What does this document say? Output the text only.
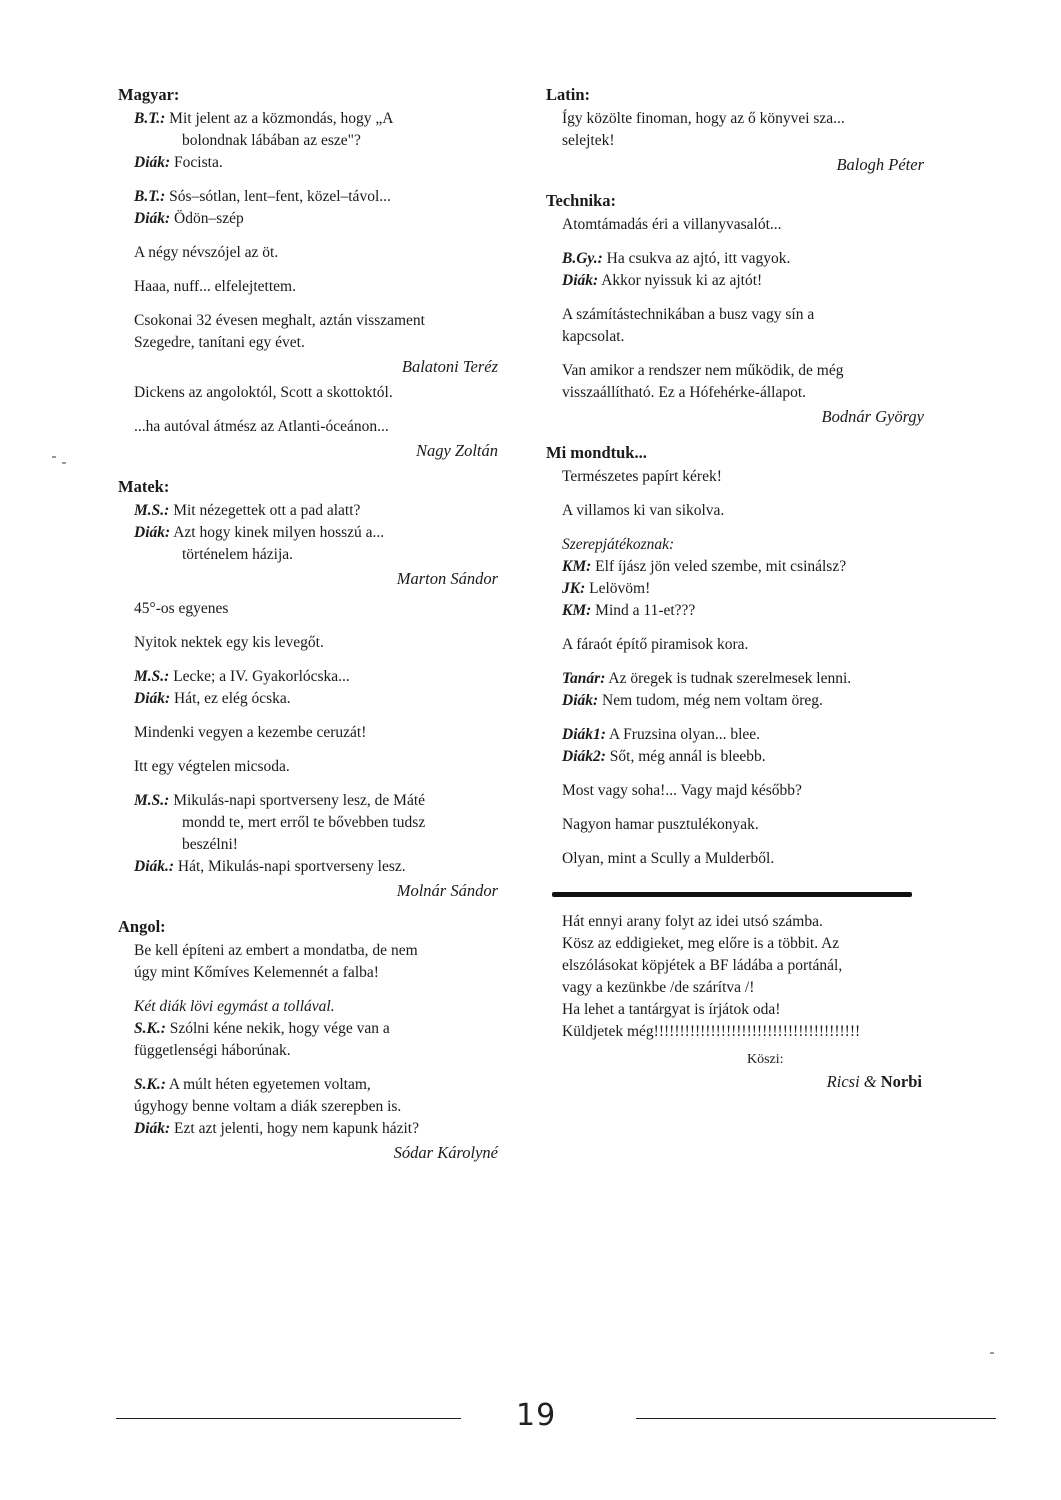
Magyar:
B.T.: Mit jelent az a közmondás, hogy „A
bolondnak lábában az esze"?
Diák: Focista.
B.T.: Sós–sótlan, lent–fent, közel–távol...
Diák: Ödön–szép
A négy névszójel az öt.
Haaa, nuff... elfelejtettem.
Csokonai 32 évesen meghalt, aztán visszament
Szegedre, tanítani egy évet.
Balatoni Teréz
Dickens az angoloktól, Scott a skottoktól.
...ha autóval átmész az Atlanti-óceánon...
Nagy Zoltán
Matek:
M.S.: Mit nézegettek ott a pad alatt?
Diák: Azt hogy kinek milyen hosszú a...
történelem házija.
Marton Sándor
45°-os egyenes
Nyitok nektek egy kis levegőt.
M.S.: Lecke; a IV. Gyakorlócska...
Diák: Hát, ez elég ócska.
Mindenki vegyen a kezembe ceruzát!
Itt egy végtelen micsoda.
M.S.: Mikulás-napi sportverseny lesz, de Máté
mondd te, mert erről te bővebben tudsz
beszélni!
Diák.: Hát, Mikulás-napi sportverseny lesz.
Molnár Sándor
Angol:
Be kell építeni az embert a mondatba, de nem
úgy mint Kőmíves Kelemennét a falba!
Két diák lövi egymást a tollával.
S.K.: Szólni kéne nekik, hogy vége van a
függetlenségi háborúnak.
S.K.: A múlt héten egyetemen voltam,
úgyhogy benne voltam a diák szerepben is.
Diák: Ezt azt jelenti, hogy nem kapunk házit?
Sódar Károlyné
Latin:
Így közölte finoman, hogy az ő könyvei sza...
selejtek!
Balogh Péter
Technika:
Atomtámadás éri a villanyvasalót...
B.Gy.: Ha csukva az ajtó, itt vagyok.
Diák: Akkor nyissuk ki az ajtót!
A számítástechnikában a busz vagy sín a
kapcsolat.
Van amikor a rendszer nem működik, de még
visszaállítható. Ez a Hófehérke-állapot.
Bodnár György
Mi mondtuk...
Természetes papírt kérek!
A villamos ki van sikolva.
Szerepjátékoznak:
KM: Elf íjász jön veled szembe, mit csinálsz?
JK: Lelövöm!
KM: Mind a 11-et???
A fáraót építő piramisok kora.
Tanár: Az öregek is tudnak szerelmesek lenni.
Diák: Nem tudom, még nem voltam öreg.
Diák1: A Fruzsina olyan... blee.
Diák2: Sőt, még annál is bleebb.
Most vagy soha!... Vagy majd később?
Nagyon hamar pusztulékonyak.
Olyan, mint a Scully a Mulderből.
Hát ennyi arany folyt az idei utsó számba.
Kösz az eddigieket, meg előre is a többit. Az
elszólásokat köpjétek a BF ládába a portánál,
vagy a kezünkbe /de szárítva /!
Ha lehet a tantárgyat is írjátok oda!
Küldjetek még!!!!!!!!!!!!!!!!!!!!!!!!!!!!!!!!!!!!!!!!
Köszi:
Ricsi & Norbi
19
